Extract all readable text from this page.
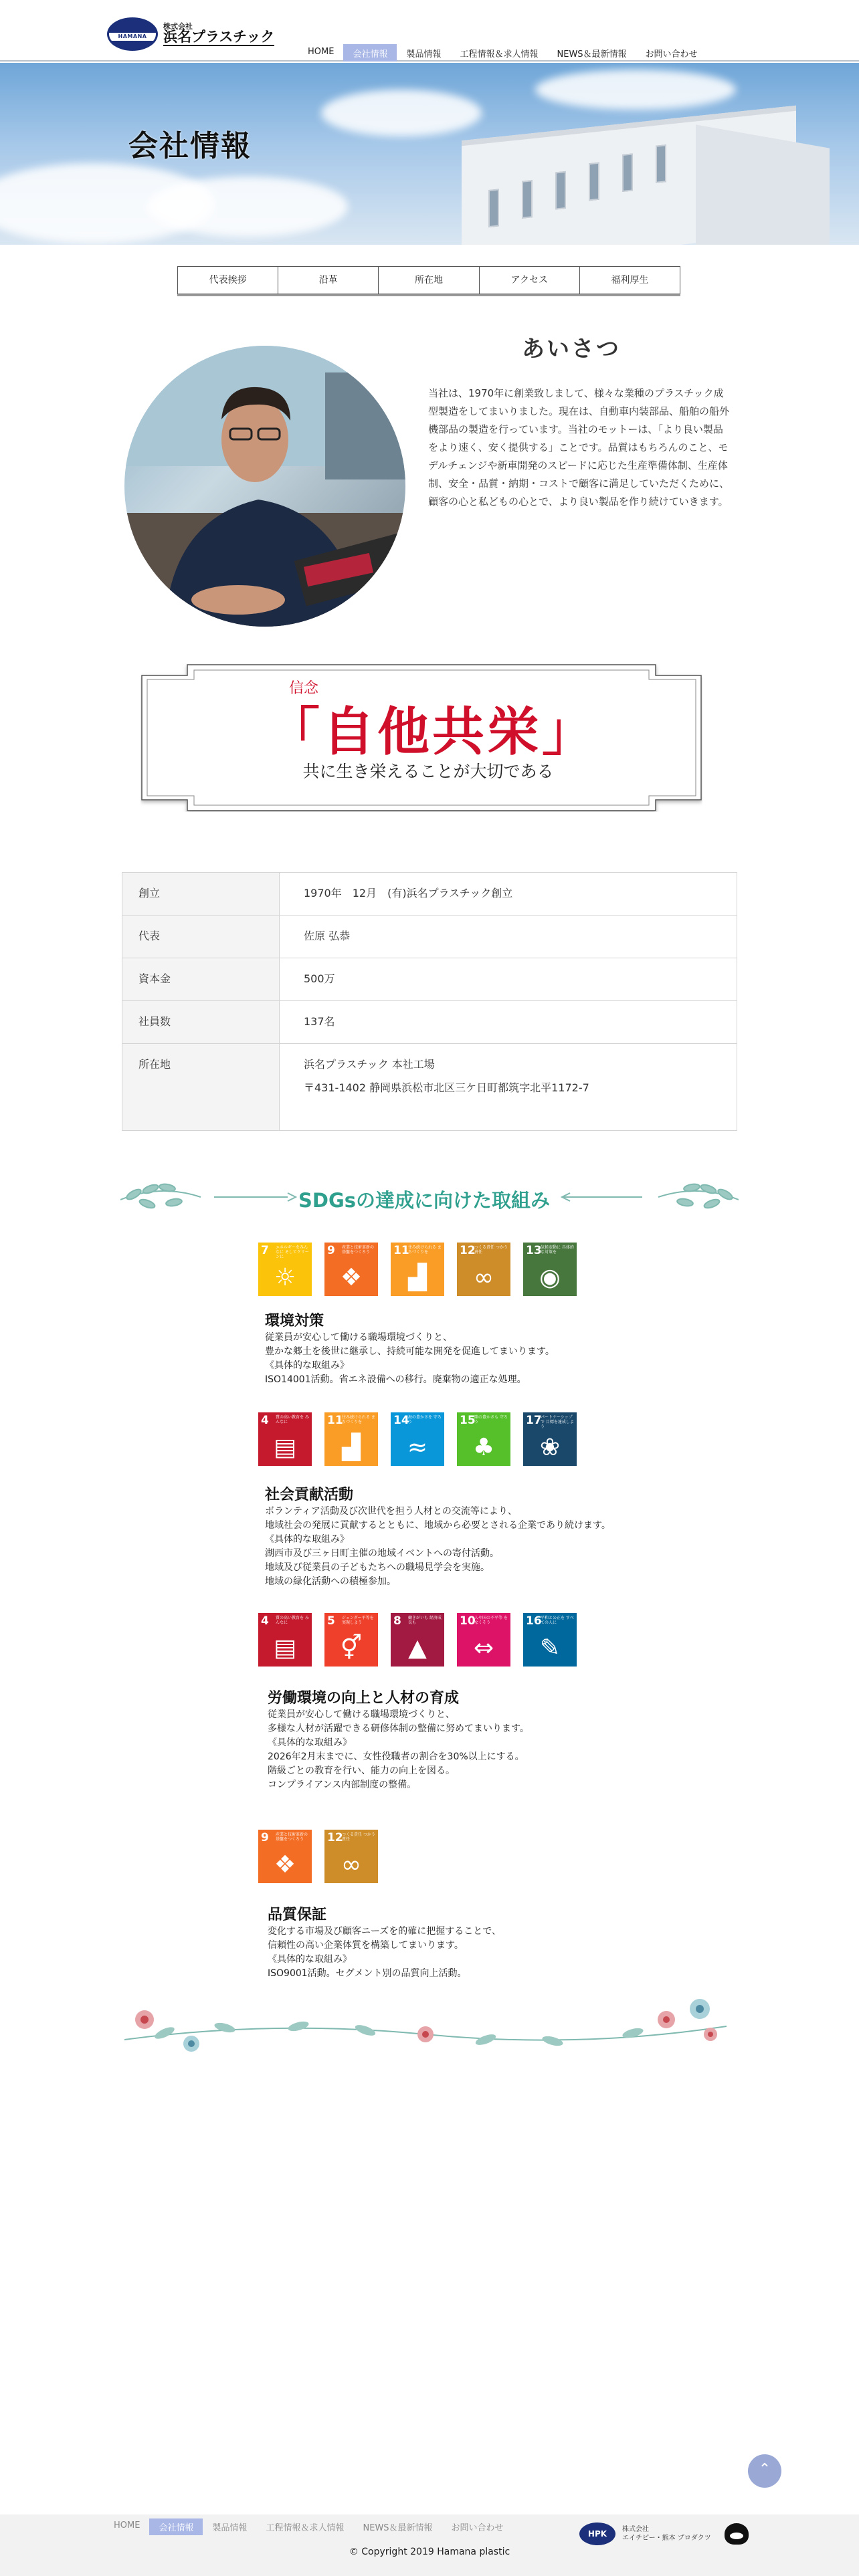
HAMANA
株式会社
浜名プラスチック
HOME	会社情報	製品情報	工程情報＆求人情報	NEWS＆最新情報	お問い合わせ
会社情報
代表挨拶	沿革	所在地	アクセス	福利厚生
あいさつ
当社は、1970年に創業致しまして、様々な業種のプラスチック成型製造をしてまいりました。現在は、自動車内装部品、船舶の船外機部品の製造を行っています。当社のモットーは、「より良い製品をより速く、安く提供する」ことです。品質はもちろんのこと、モデルチェンジや新車開発のスピードに応じた生産準備体制、生産体制、安全・品質・納期・コストで顧客に満足していただくために、顧客の心と私どもの心とで、より良い製品を作り続けていきます。
信念
「自他共栄」
共に生き栄えることが大切である
創立	1970年　12月　(有)浜名プラスチック創立
代表	佐原 弘恭
資本金	500万
社員数	137名
所在地	浜名プラスチック 本社工場
〒431-1402 静岡県浜松市北区三ケ日町都筑字北平1172-7
SDGsの達成に向けた取組み
7 エネルギーをみんなに そしてクリーンに
☼
9 産業と技術革新の 基盤をつくろう
❖
11
住み続けられる まちづくりを
▟
12
つくる責任 つかう責任
∞
13
気候変動に 具体的な対策を
◉
環境対策
従業員が安心して働ける職場環境づくりと、
豊かな郷土を後世に継承し、持続可能な開発を促進してまいります。
《具体的な取組み》
ISO14001活動。省エネ設備への移行。廃棄物の適正な処理。
4 質の高い教育を みんなに
▤
11
住み続けられる まちづくりを
▟
14
海の豊かさを 守ろう
≈
15
陸の豊かさも 守ろう
♣
17
パートナーシップで 目標を達成しよう
❀
社会貢献活動
ボランティア活動及び次世代を担う人材との交流等により、
地域社会の発展に貢献するとともに、地域から必要とされる企業であり続けます。
《具体的な取組み》
湖西市及び三ヶ日町主催の地域イベントへの寄付活動。
地域及び従業員の子どもたちへの職場見学会を実施。
地域の緑化活動への積極参加。
4 質の高い教育を みんなに
▤
5 ジェンダー平等を 実現しよう
⚥
8 働きがいも 経済成長も
▲
10
人や国の不平等 をなくそう
⇔
16
平和と公正を すべての人に
✎
労働環境の向上と人材の育成
従業員が安心して働ける職場環境づくりと、
多様な人材が活躍できる研修体制の整備に努めてまいります。
《具体的な取組み》
2026年2月末までに、女性役職者の割合を30%以上にする。
階級ごとの教育を行い、能力の向上を図る。
コンプライアンス内部制度の整備。
9 産業と技術革新の 基盤をつくろう
❖
12
つくる責任 つかう責任
∞
品質保証
変化する市場及び顧客ニーズを的確に把握することで、
信頼性の高い企業体質を構築してまいります。
《具体的な取組み》
ISO9001活動。セグメント別の品質向上活動。
⌃
HOME	会社情報	製品情報	工程情報＆求人情報	NEWS＆最新情報	お問い合わせ
HPK	株式会社
エイチピー・熊本 プロダクツ
© Copyright 2019 Hamana plastic
